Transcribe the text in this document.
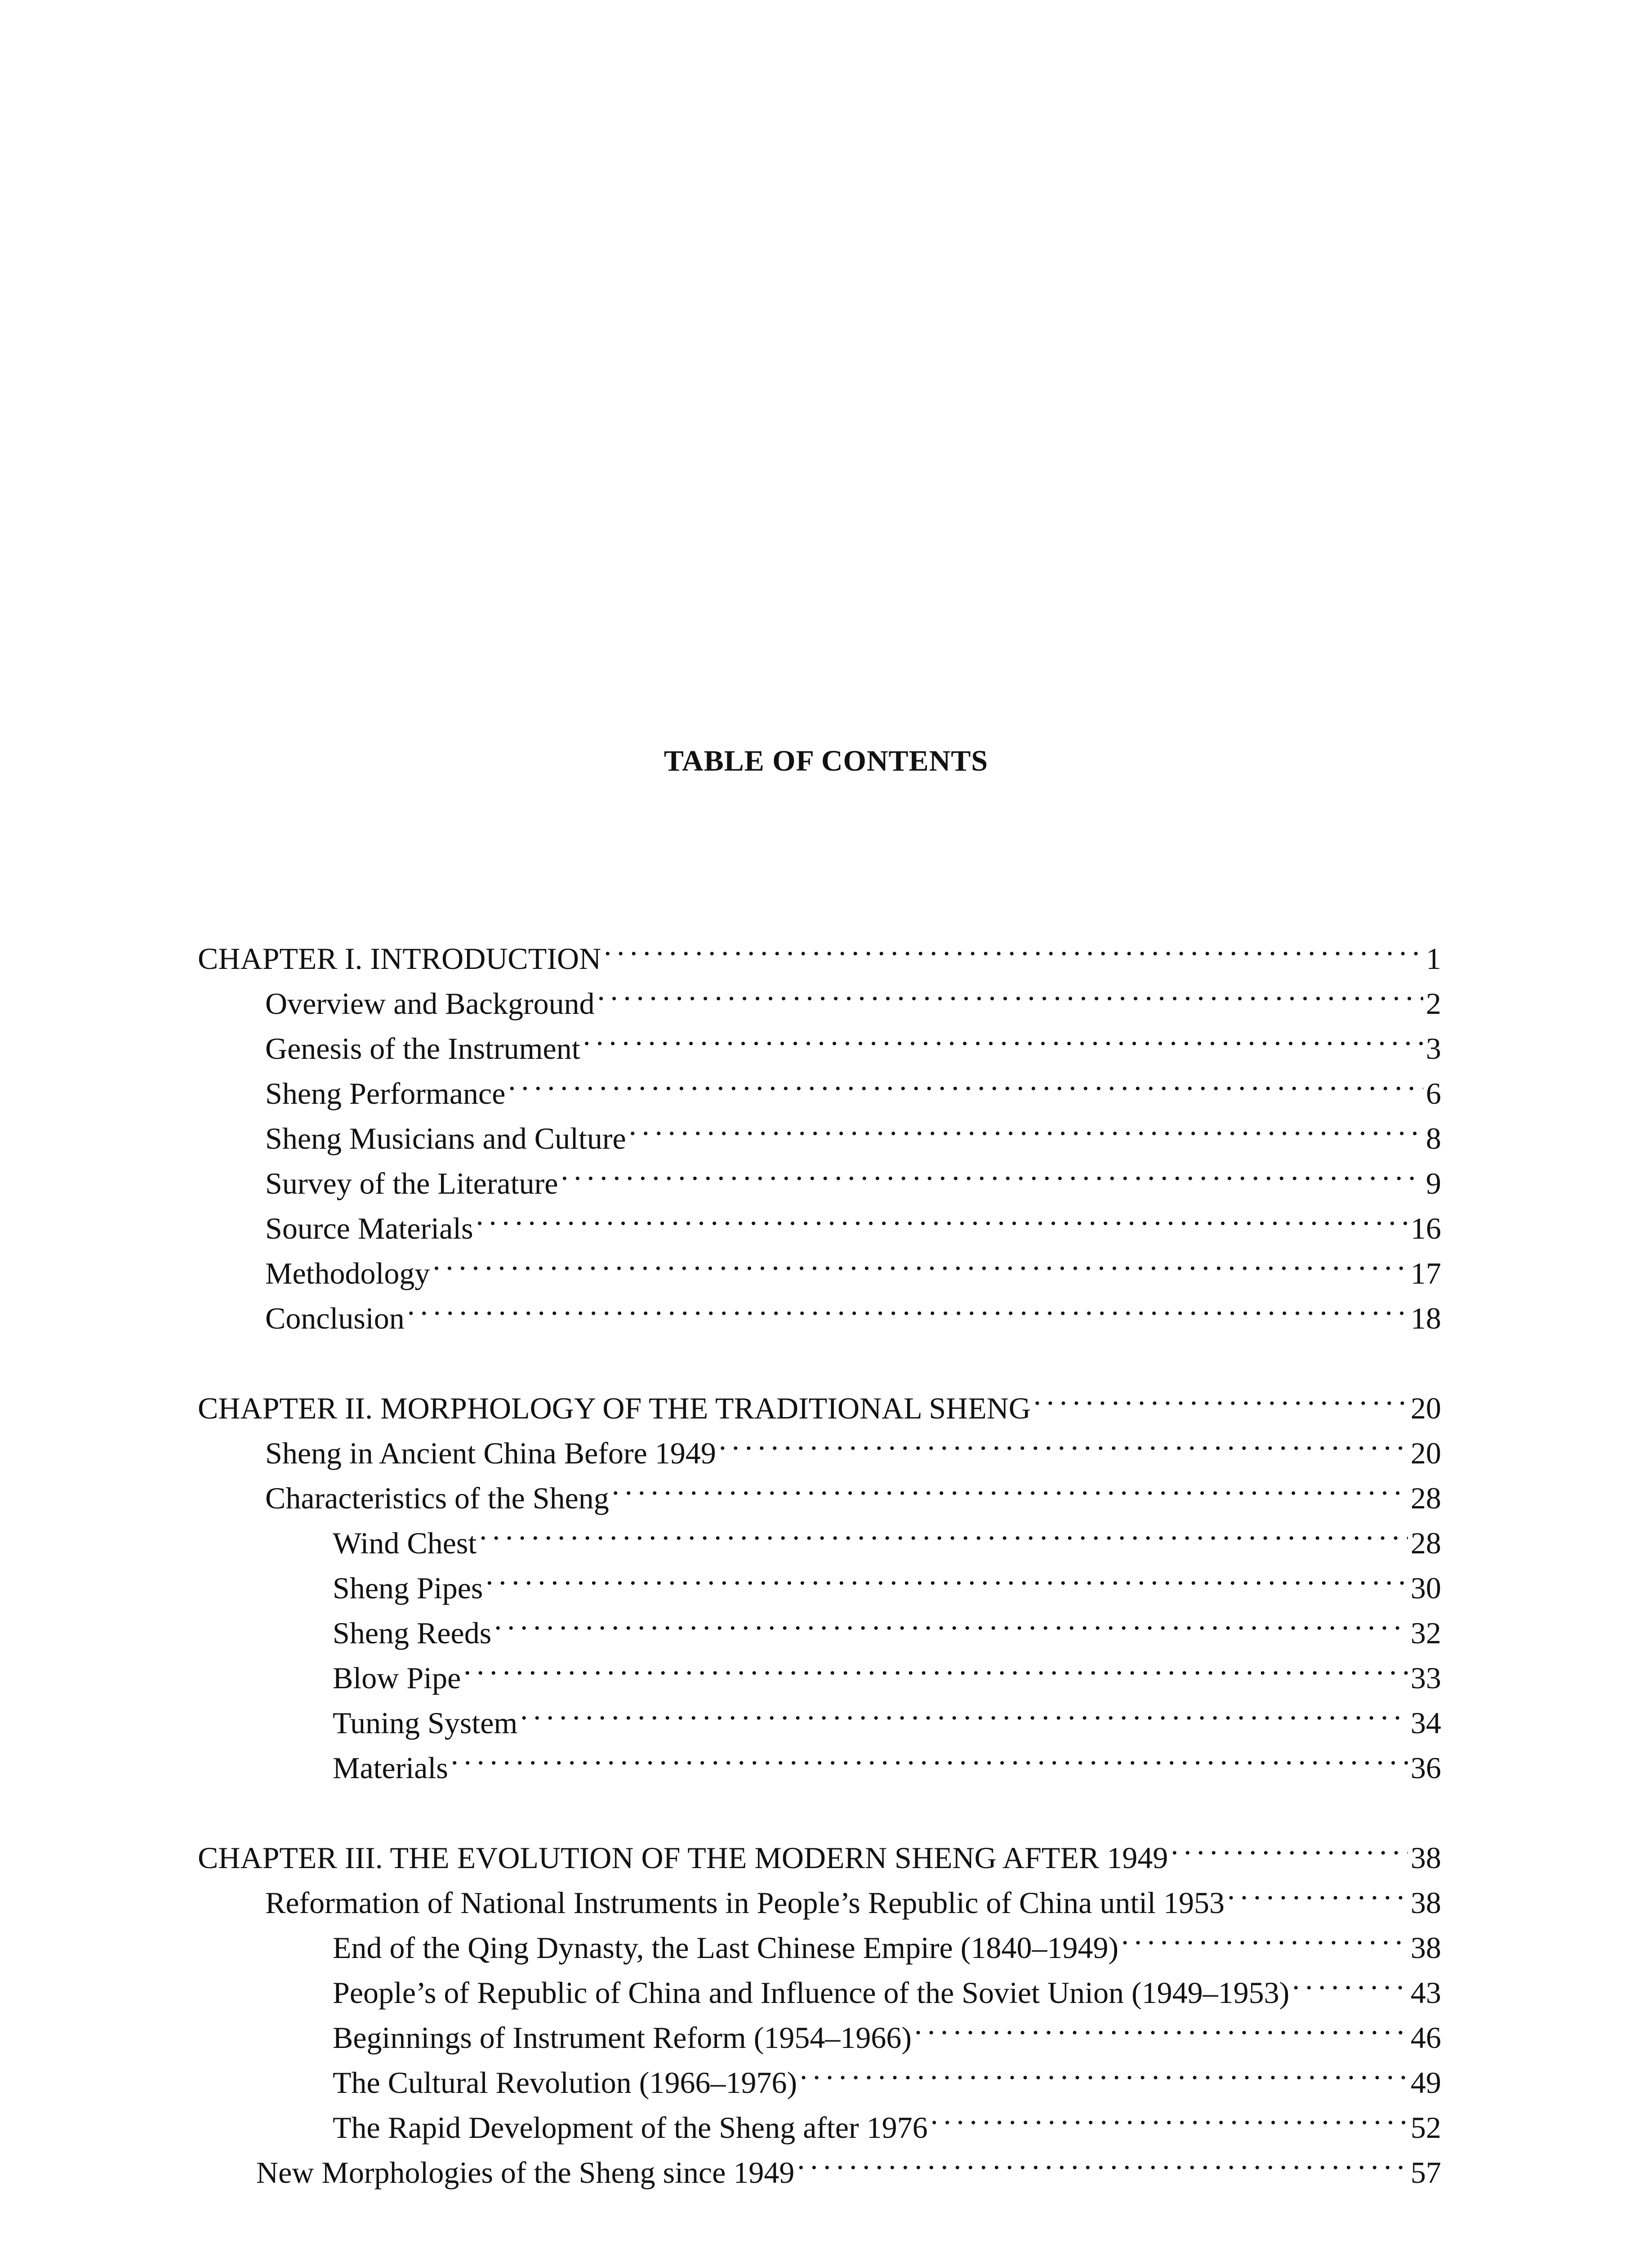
TABLE OF CONTENTS
CHAPTER I. INTRODUCTION .....	1
Overview and Background .....	2
Genesis of the Instrument .....	3
Sheng Performance .....	6
Sheng Musicians and Culture .....	8
Survey of the Literature .....	9
Source Materials .....	16
Methodology .....	17
Conclusion .....	18
CHAPTER II. MORPHOLOGY OF THE TRADITIONAL SHENG .....	20
Sheng in Ancient China Before 1949 .....	20
Characteristics of the Sheng .....	28
Wind Chest .....	28
Sheng Pipes .....	30
Sheng Reeds .....	32
Blow Pipe .....	33
Tuning System .....	34
Materials .....	36
CHAPTER III. THE EVOLUTION OF THE MODERN SHENG AFTER 1949 .....	38
Reformation of National Instruments in People’s Republic of China until 1953 .....	38
End of the Qing Dynasty, the Last Chinese Empire (1840–1949) .....	38
People’s of Republic of China and Influence of the Soviet Union (1949–1953) .....	43
Beginnings of Instrument Reform (1954–1966) .....	46
The Cultural Revolution (1966–1976) .....	49
The Rapid Development of the Sheng after 1976 .....	52
New Morphologies of the Sheng since 1949 .....	57
